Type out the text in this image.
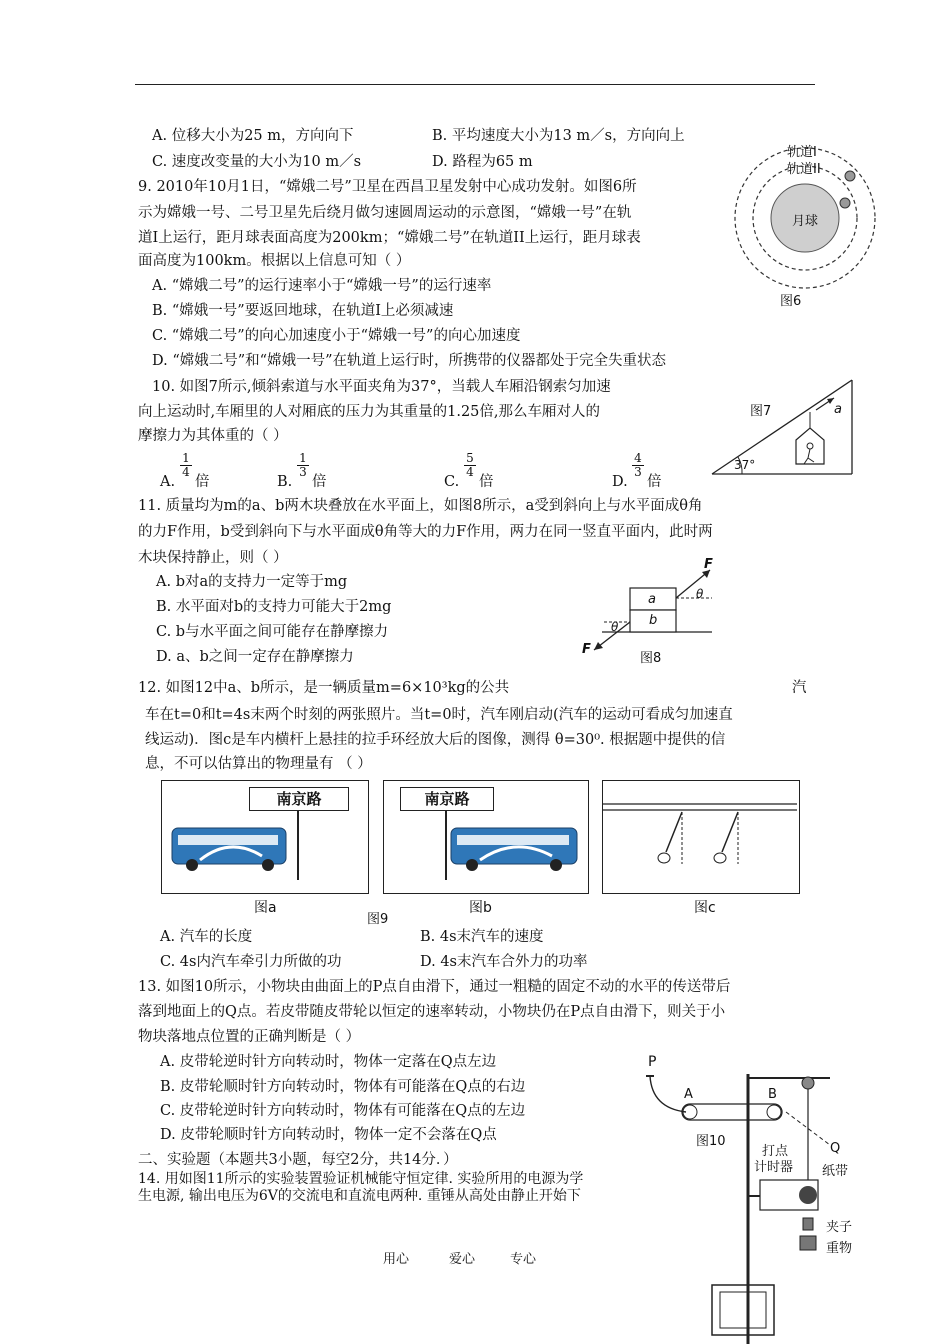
A. 位移大小为25 m，方向向下	B. 平均速度大小为13 m／s，方向向上
C. 速度改变量的大小为10 m／s	D. 路程为65 m
9. 2010年10月1日，“嫦娥二号”卫星在西昌卫星发射中心成功发射。如图6所
示为嫦娥一号、二号卫星先后绕月做匀速圆周运动的示意图，“嫦娥一号”在轨
道I上运行，距月球表面高度为200km；“嫦娥二号”在轨道II上运行，距月球表
面高度为100km。根据以上信息可知（ ）
A. “嫦娥二号”的运行速率小于“嫦娥一号”的运行速率
B. “嫦娥一号”要返回地球，在轨道I上必须减速
C. “嫦娥二号”的向心加速度小于“嫦娥一号”的向心加速度
D. “嫦娥二号”和“嫦娥一号”在轨道上运行时，所携带的仪器都处于完全失重状态
轨道I
轨道II
月球
图6
10. 如图7所示,倾斜索道与水平面夹角为37°，当载人车厢沿钢索匀加速
向上运动时,车厢里的人对厢底的压力为其重量的1.25倍,那么车厢对人的
摩擦力为其体重的（ ）
A.
$\frac{1}{4}$
倍	B.
$\frac{1}{3}$
倍	C.
$\frac{5}{4}$
倍	D.
$\frac{4}{3}$
倍
图7	a
37°
11. 质量均为m的a、b两木块叠放在水平面上，如图8所示，a受到斜向上与水平面成θ角
的力F作用，b受到斜向下与水平面成θ角等大的力F作用，两力在同一竖直平面内，此时两
木块保持静止，则（ ）
A. b对a的支持力一定等于mg
B. 水平面对b的支持力可能大于2mg
C. b与水平面之间可能存在静摩擦力
D. a、b之间一定存在静摩擦力
F
F
a
b
θ
θ
图8
12. 如图12中a、b所示，是一辆质量m=6×10³kg的公共	汽
车在t=0和t=4s末两个时刻的两张照片。当t=0时，汽车刚启动(汽车的运动可看成匀加速直
线运动)．图c是车内横杆上悬挂的拉手环经放大后的图像，测得 θ=30⁰. 根据题中提供的信
息，不可以估算出的物理量有 （ ）
南京路	南京路
图a
图9
图b	图c
A. 汽车的长度	B. 4s末汽车的速度
C. 4s内汽车牵引力所做的功	D. 4s末汽车合外力的功率
13. 如图10所示，小物块由曲面上的P点自由滑下，通过一粗糙的固定不动的水平的传送带后
落到地面上的Q点。若皮带随皮带轮以恒定的速率转动，小物块仍在P点自由滑下，则关于小
物块落地点位置的正确判断是（ ）
A. 皮带轮逆时针方向转动时，物体一定落在Q点左边
B. 皮带轮顺时针方向转动时，物体有可能落在Q点的右边
C. 皮带轮逆时针方向转动时，物体有可能落在Q点的左边
D. 皮带轮顺时针方向转动时，物体一定不会落在Q点
二、实验题（本题共3小题，每空2分，共14分．）
14. 用如图11所示的实验装置验证机械能守恒定律. 实验所用的电源为学
生电源, 输出电压为6V的交流电和直流电两种. 重锤从高处由静止开始下
P
A	B
Q
图10
打点
计时器 纸带
夹子
重物
用心	爱心	专心
